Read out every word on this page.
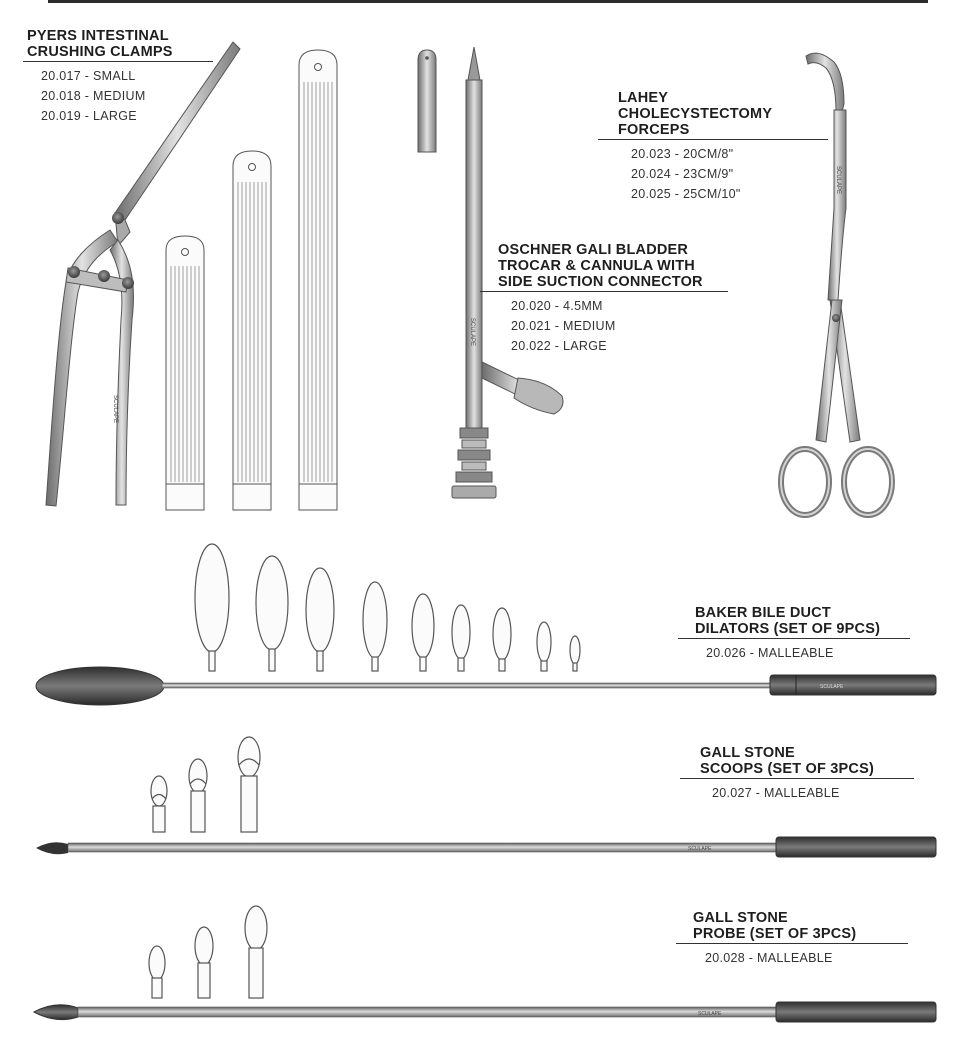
SCULAPE
SCULAPE
SCULAPE
SCULAPE
SCULAPE
SCULAPE
PYERS INTESTINAL
CRUSHING CLAMPS
20.017 - SMALL
20.018 - MEDIUM
20.019 - LARGE
OSCHNER GALI BLADDER
TROCAR & CANNULA WITH
SIDE SUCTION CONNECTOR
20.020 - 4.5MM
20.021 - MEDIUM
20.022 - LARGE
LAHEY
CHOLECYSTECTOMY
FORCEPS
20.023 - 20CM/8"
20.024 - 23CM/9"
20.025 - 25CM/10"
BAKER BILE DUCT
DILATORS (SET OF 9PCS)
20.026 - MALLEABLE
GALL STONE
SCOOPS (SET OF 3PCS)
20.027 - MALLEABLE
GALL STONE
PROBE (SET OF 3PCS)
20.028 - MALLEABLE
